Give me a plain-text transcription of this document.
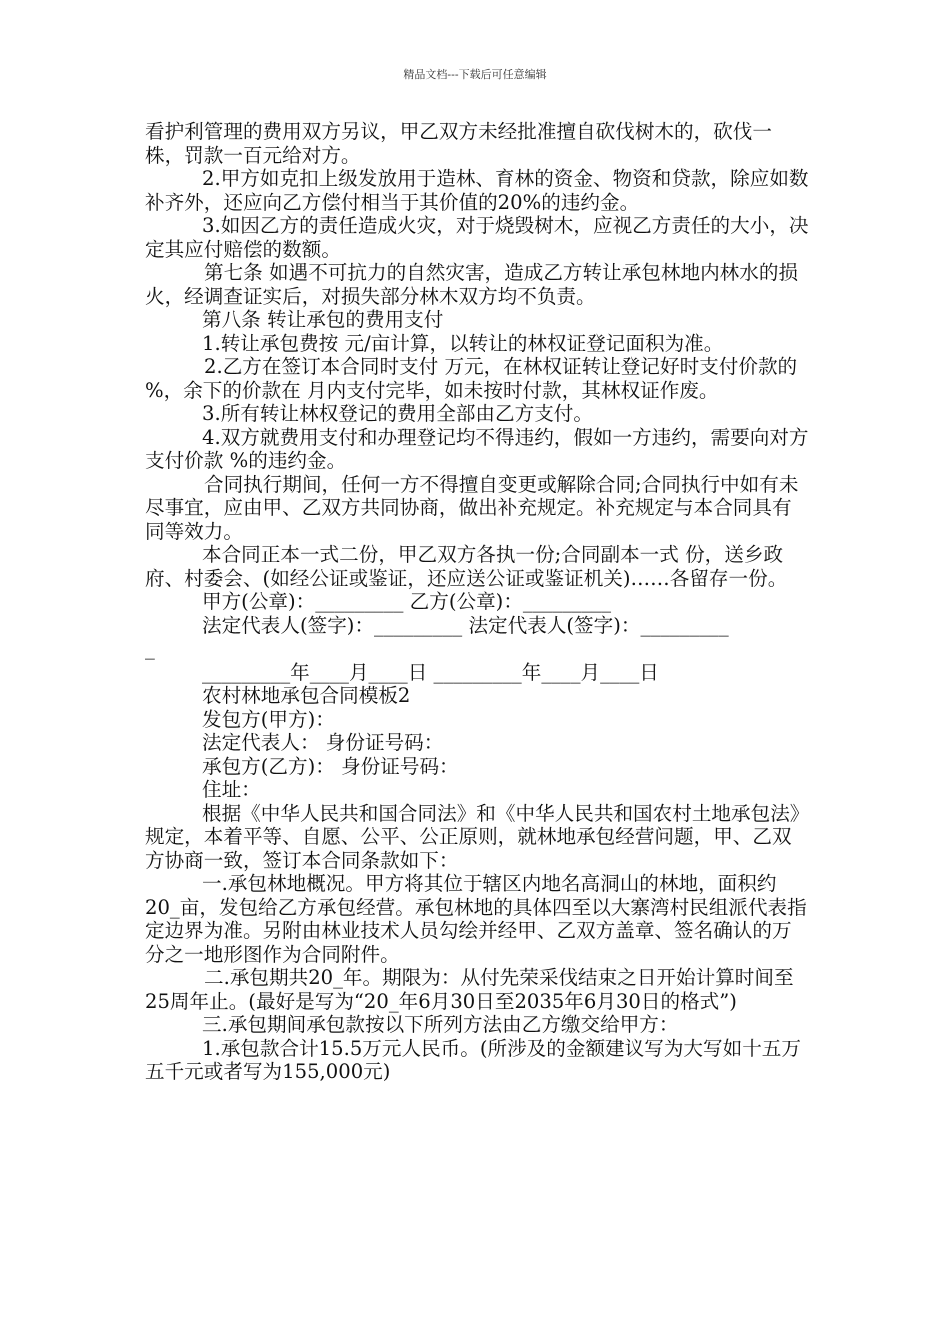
精品文档---下载后可任意编辑

看护利管理的费用双方另议，甲乙双方未经批准擅自砍伐树木的，砍伐一株，罚款一百元给对方。

2.甲方如克扣上级发放用于造林、育林的资金、物资和贷款，除应如数补齐外，还应向乙方偿付相当于其价值的20%的违约金。

3.如因乙方的责任造成火灾，对于烧毁树木，应视乙方责任的大小，决定其应付赔偿的数额。

第七条 如遇不可抗力的自然灾害，造成乙方转让承包林地内林水的损火，经调查证实后，对损失部分林木双方均不负责。

第八条 转让承包的费用支付

1.转让承包费按 元/亩计算，以转让的林权证登记面积为准。

2.乙方在签订本合同时支付 万元，在林权证转让登记好时支付价款的 %，余下的价款在 月内支付完毕，如未按时付款，其林权证作废。

3.所有转让林权登记的费用全部由乙方支付。

4.双方就费用支付和办理登记均不得违约，假如一方违约，需要向对方支付价款 %的违约金。

合同执行期间，任何一方不得擅自变更或解除合同;合同执行中如有未尽事宜，应由甲、乙双方共同协商，做出补充规定。补充规定与本合同具有同等效力。

本合同正本一式二份，甲乙双方各执一份;合同副本一式 份，送乡政府、村委会、(如经公证或鉴证，还应送公证或鉴证机关)……各留存一份。

甲方(公章)：_________ 乙方(公章)：_________

法定代表人(签字)：_________ 法定代表人(签字)：_________

_

_________年____月____日 _________年____月____日

农村林地承包合同模板2

发包方(甲方)：

法定代表人： 身份证号码：

承包方(乙方)： 身份证号码：

住址：

根据《中华人民共和国合同法》和《中华人民共和国农村土地承包法》规定，本着平等、自愿、公平、公正原则，就林地承包经营问题，甲、乙双方协商一致，签订本合同条款如下：

一.承包林地概况。甲方将其位于辖区内地名高洞山的林地，面积约20_亩，发包给乙方承包经营。承包林地的具体四至以大寨湾村民组派代表指定边界为准。另附由林业技术人员勾绘并经甲、乙双方盖章、签名确认的万分之一地形图作为合同附件。

二.承包期共20_年。期限为：从付先荣采伐结束之日开始计算时间至25周年止。(最好是写为“20_年6月30日至2035年6月30日的格式”)

三.承包期间承包款按以下所列方法由乙方缴交给甲方：

1.承包款合计15.5万元人民币。(所涉及的金额建议写为大写如十五万五千元或者写为155,000元)
